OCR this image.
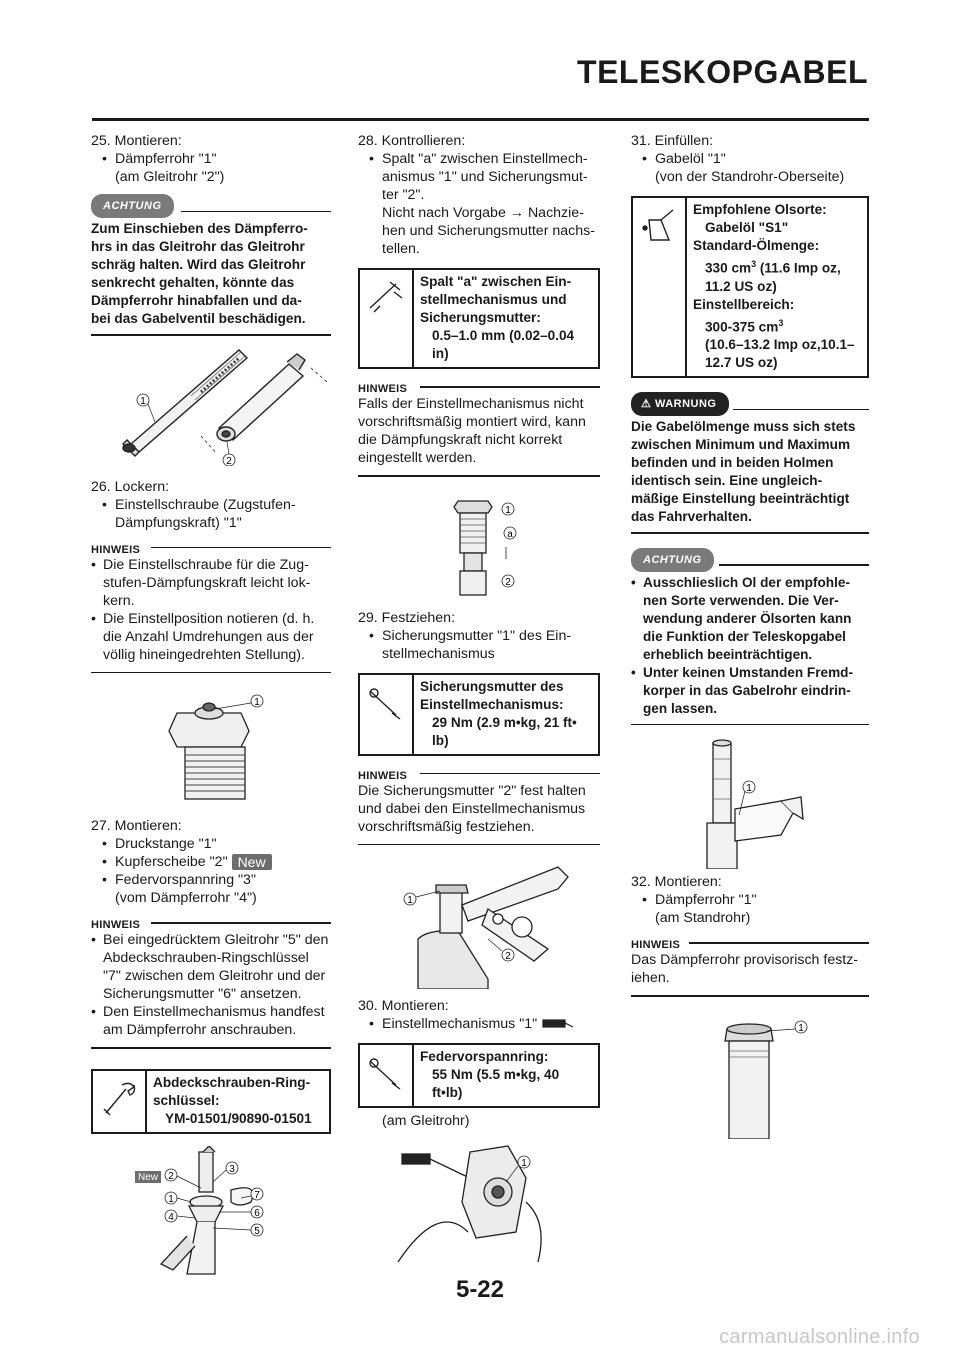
TELESKOPGABEL
25. Montieren:
• Dämpferrohr "1"
(am Gleitrohr "2")
ACHTUNG
Zum Einschieben des Dämpferro-
hrs in das Gleitrohr das Gleitrohr
schräg halten. Wird das Gleitrohr
senkrecht gehalten, könnte das
Dämpferrohr hinabfallen und da-
bei das Gabelventil beschädigen.
1
2
26. Lockern:
• Einstellschraube (Zugstufen-
Dämpfungskraft) "1"
HINWEIS
• Die Einstellschraube für die Zug-
stufen-Dämpfungskraft leicht lok-
kern.
• Die Einstellposition notieren (d. h.
die Anzahl Umdrehungen aus der
völlig hineingedrehten Stellung).
1
27. Montieren:
• Druckstange "1"
• Kupferscheibe "2" New
• Federvorspannring "3"
(vom Dämpferrohr "4")
HINWEIS
• Bei eingedrücktem Gleitrohr "5" den
Abdeckschrauben-Ringschlüssel
"7" zwischen dem Gleitrohr und der
Sicherungsmutter "6" ansetzen.
• Den Einstellmechanismus handfest
am Dämpferrohr anschrauben.
Abdeckschrauben-Ring-
schlüssel:
YM-01501/90890-01501
New 2
3
1
4
7
6
5
28. Kontrollieren:
• Spalt "a" zwischen Einstellmech-
anismus "1" und Sicherungsmut-
ter "2".
Nicht nach Vorgabe → Nachzie-
hen und Sicherungsmutter nachs-
tellen.
Spalt "a" zwischen Ein-
stellmechanismus und
Sicherungsmutter:
0.5–1.0 mm (0.02–0.04
in)
HINWEIS
Falls der Einstellmechanismus nicht
vorschriftsmäßig montiert wird, kann
die Dämpfungskraft nicht korrekt
eingestellt werden.
1
a
2
29. Festziehen:
• Sicherungsmutter "1" des Ein-
stellmechanismus
Sicherungsmutter des
Einstellmechanismus:
29 Nm (2.9 m•kg, 21 ft•
lb)
HINWEIS
Die Sicherungsmutter "2" fest halten
und dabei den Einstellmechanismus
vorschriftsmäßig festziehen.
1
2
30. Montieren:
• Einstellmechanismus "1"
Federvorspannring:
55 Nm (5.5 m•kg, 40
ft•lb)
(am Gleitrohr)
1
31. Einfüllen:
• Gabelöl "1"
(von der Standrohr-Oberseite)
Empfohlene Olsorte:
Gabelöl "S1"
Standard-Ölmenge:
330 $cm^3$ (11.6 Imp oz,
11.2 US oz)
Einstellbereich:
300-375 $cm^3$
(10.6–13.2 Imp oz,10.1–
12.7 US oz)
⚠ WARNUNG
Die Gabelölmenge muss sich stets
zwischen Minimum und Maximum
befinden und in beiden Holmen
identisch sein. Eine ungleich-
mäßige Einstellung beeinträchtigt
das Fahrverhalten.
ACHTUNG
• Ausschlieslich Ol der empfohle-
nen Sorte verwenden. Die Ver-
wendung anderer Ölsorten kann
die Funktion der Teleskopgabel
erheblich beeinträchtigen.
• Unter keinen Umstanden Fremd-
korper in das Gabelrohr eindrin-
gen lassen.
1
32. Montieren:
• Dämpferrohr "1"
(am Standrohr)
HINWEIS
Das Dämpferrohr provisorisch festz-
iehen.
1
5-22
carmanualsonline.info
